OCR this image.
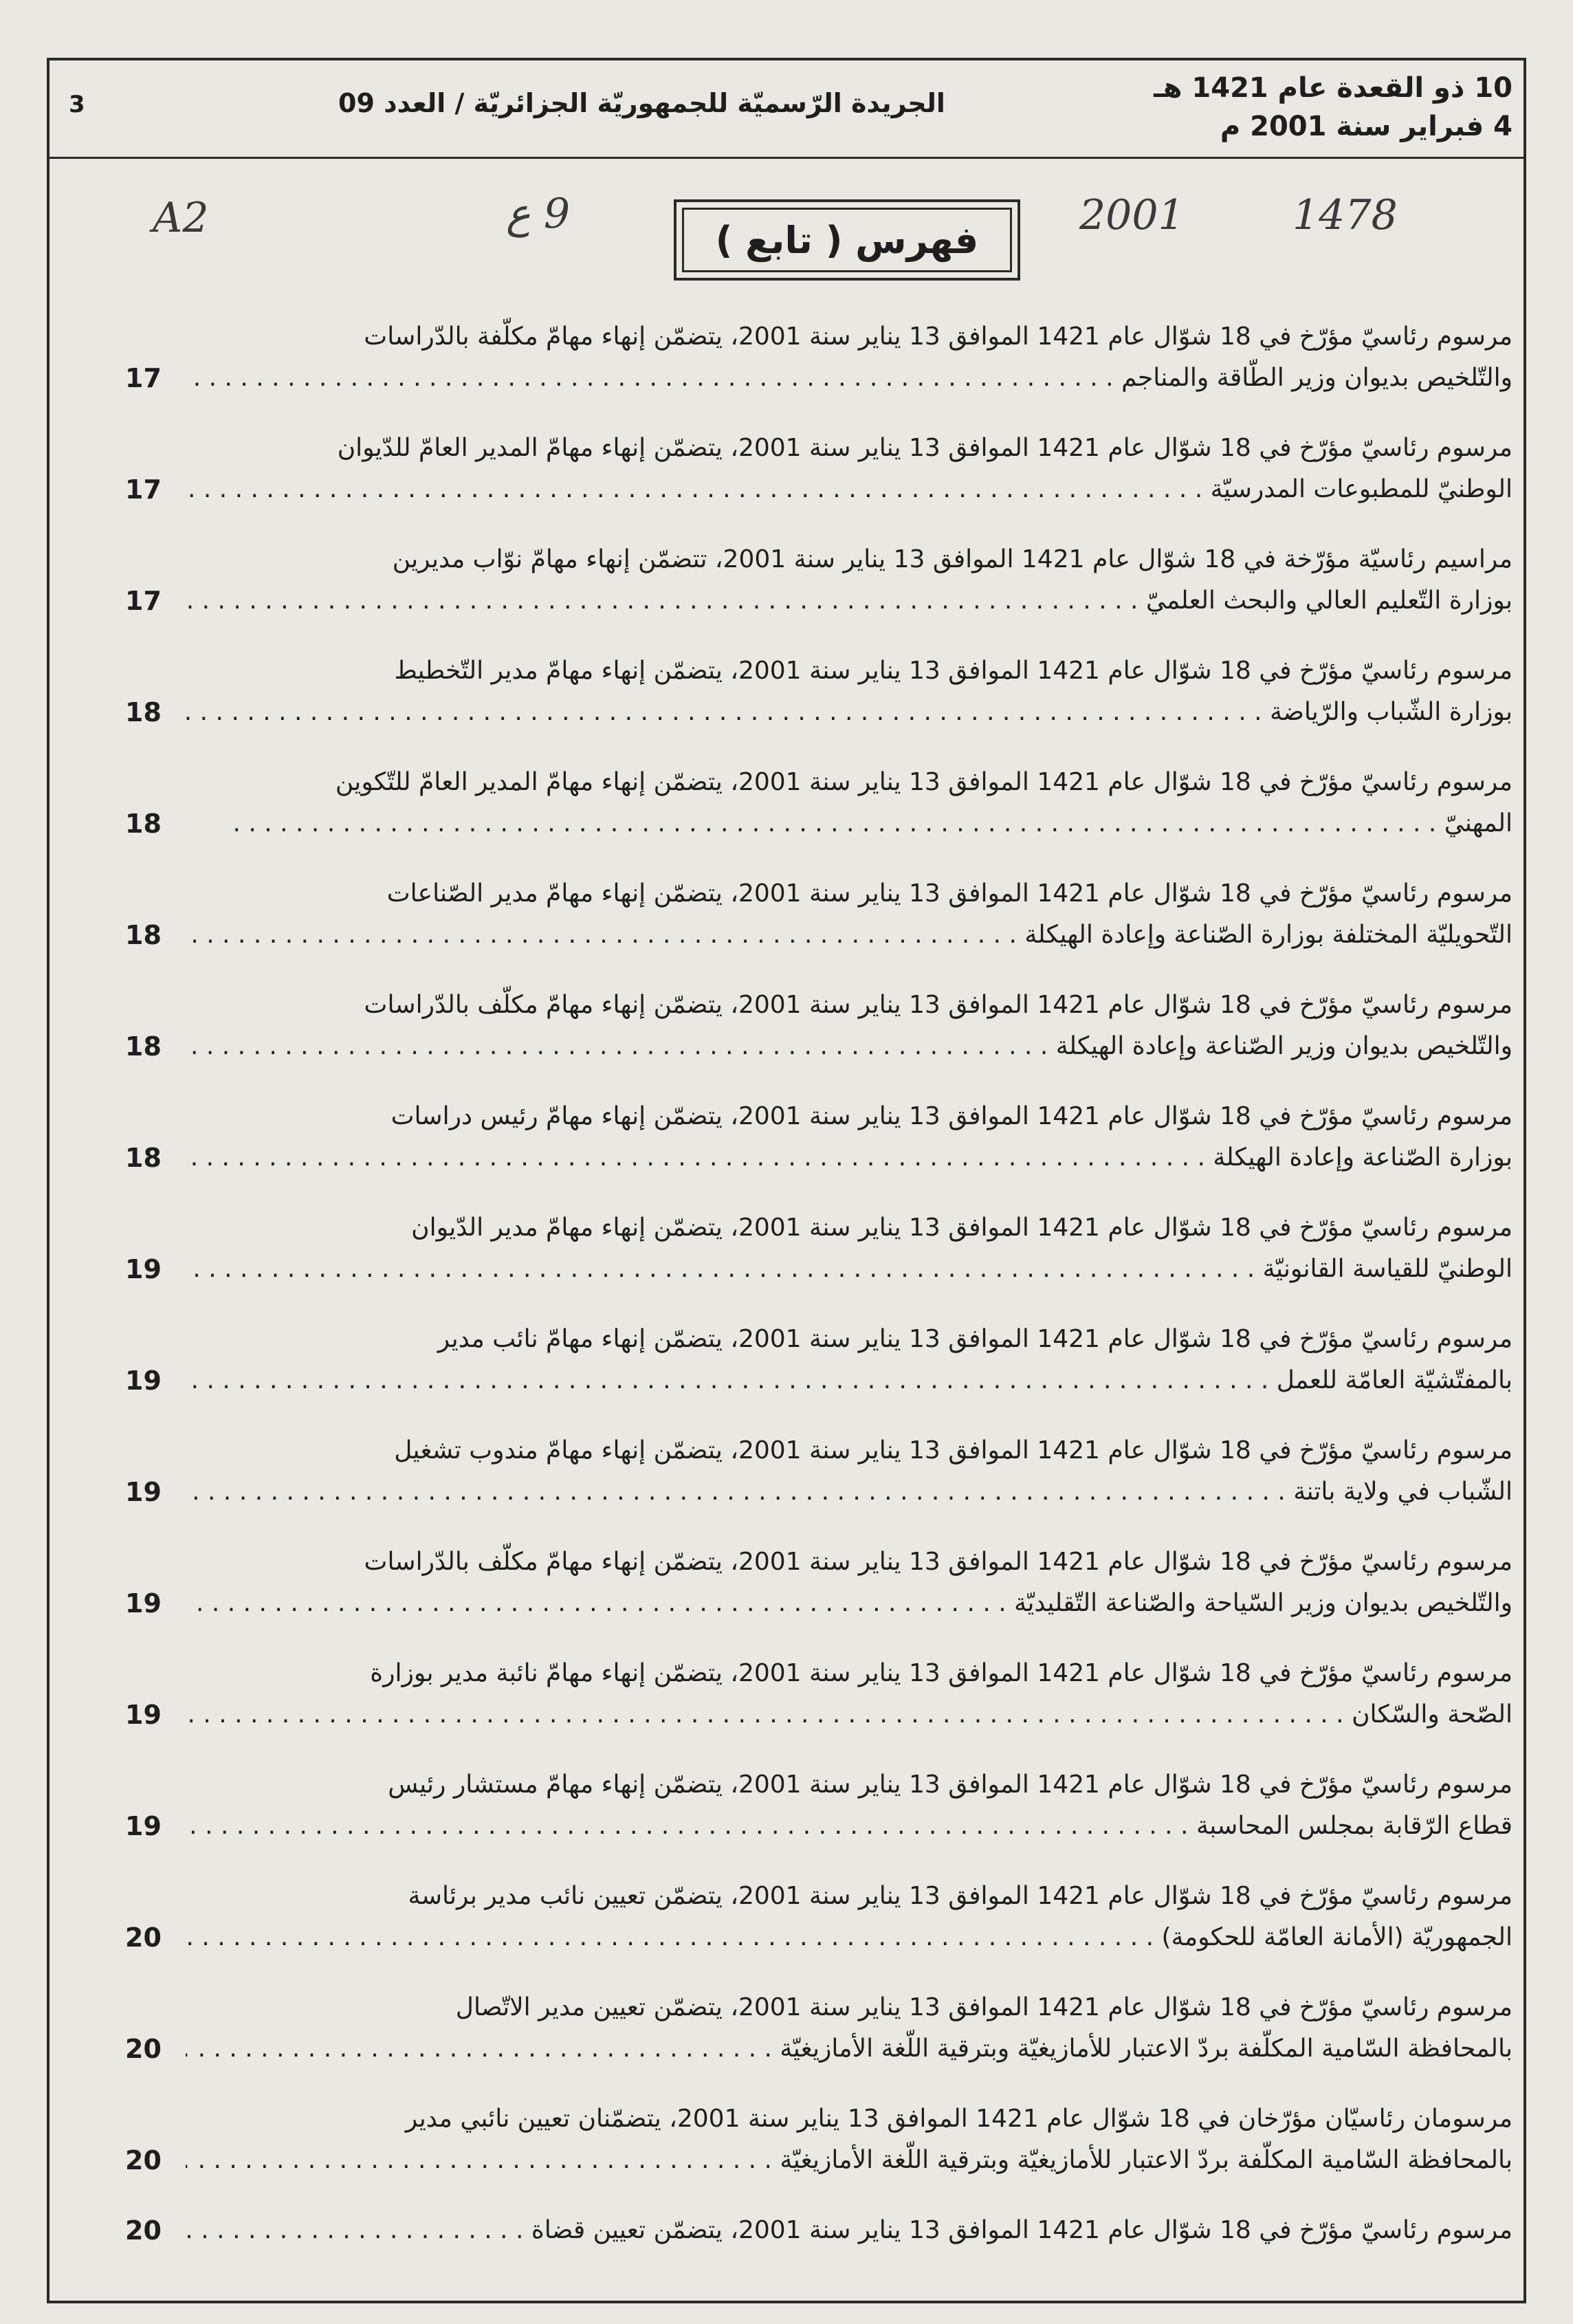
3	الجريدة الرّسميّة للجمهوريّة الجزائريّة / العدد 09	10 ذو القعدة عام 1421 هـ
4 فبراير سنة 2001 م
A2	9 ع	2001	1478
فهرس ( تابع )
مرسوم رئاسيّ مؤرّخ في 18 شوّال عام 1421 الموافق 13 يناير سنة 2001، يتضمّن إنهاء مهامّ مكلّفة بالدّراسات
والتّلخيص بديوان وزير الطّاقة والمناجم . . .
17
مرسوم رئاسيّ مؤرّخ في 18 شوّال عام 1421 الموافق 13 يناير سنة 2001، يتضمّن إنهاء مهامّ المدير العامّ للدّيوان
الوطنيّ للمطبوعات المدرسيّة . . .
17
مراسيم رئاسيّة مؤرّخة في 18 شوّال عام 1421 الموافق 13 يناير سنة 2001، تتضمّن إنهاء مهامّ نوّاب مديرين
بوزارة التّعليم العالي والبحث العلميّ . . .
17
مرسوم رئاسيّ مؤرّخ في 18 شوّال عام 1421 الموافق 13 يناير سنة 2001، يتضمّن إنهاء مهامّ مدير التّخطيط
بوزارة الشّباب والرّياضة . . .
18
مرسوم رئاسيّ مؤرّخ في 18 شوّال عام 1421 الموافق 13 يناير سنة 2001، يتضمّن إنهاء مهامّ المدير العامّ للتّكوين
المهنيّ . . .
18
مرسوم رئاسيّ مؤرّخ في 18 شوّال عام 1421 الموافق 13 يناير سنة 2001، يتضمّن إنهاء مهامّ مدير الصّناعات
التّحويليّة المختلفة بوزارة الصّناعة وإعادة الهيكلة . . .
18
مرسوم رئاسيّ مؤرّخ في 18 شوّال عام 1421 الموافق 13 يناير سنة 2001، يتضمّن إنهاء مهامّ مكلّف بالدّراسات
والتّلخيص بديوان وزير الصّناعة وإعادة الهيكلة . . .
18
مرسوم رئاسيّ مؤرّخ في 18 شوّال عام 1421 الموافق 13 يناير سنة 2001، يتضمّن إنهاء مهامّ رئيس دراسات
بوزارة الصّناعة وإعادة الهيكلة . . .
18
مرسوم رئاسيّ مؤرّخ في 18 شوّال عام 1421 الموافق 13 يناير سنة 2001، يتضمّن إنهاء مهامّ مدير الدّيوان
الوطنيّ للقياسة القانونيّة . . .
19
مرسوم رئاسيّ مؤرّخ في 18 شوّال عام 1421 الموافق 13 يناير سنة 2001، يتضمّن إنهاء مهامّ نائب مدير
بالمفتّشيّة العامّة للعمل . . .
19
مرسوم رئاسيّ مؤرّخ في 18 شوّال عام 1421 الموافق 13 يناير سنة 2001، يتضمّن إنهاء مهامّ مندوب تشغيل
الشّباب في ولاية باتنة . . .
19
مرسوم رئاسيّ مؤرّخ في 18 شوّال عام 1421 الموافق 13 يناير سنة 2001، يتضمّن إنهاء مهامّ مكلّف بالدّراسات
والتّلخيص بديوان وزير السّياحة والصّناعة التّقليديّة . . .
19
مرسوم رئاسيّ مؤرّخ في 18 شوّال عام 1421 الموافق 13 يناير سنة 2001، يتضمّن إنهاء مهامّ نائبة مدير بوزارة
الصّحة والسّكان . . .
19
مرسوم رئاسيّ مؤرّخ في 18 شوّال عام 1421 الموافق 13 يناير سنة 2001، يتضمّن إنهاء مهامّ مستشار رئيس
قطاع الرّقابة بمجلس المحاسبة . . .
19
مرسوم رئاسيّ مؤرّخ في 18 شوّال عام 1421 الموافق 13 يناير سنة 2001، يتضمّن تعيين نائب مدير برئاسة
الجمهوريّة (الأمانة العامّة للحكومة) . . .
20
مرسوم رئاسيّ مؤرّخ في 18 شوّال عام 1421 الموافق 13 يناير سنة 2001، يتضمّن تعيين مدير الاتّصال
بالمحافظة السّامية المكلّفة بردّ الاعتبار للأمازيغيّة وبترقية اللّغة الأمازيغيّة . . .
20
مرسومان رئاسيّان مؤرّخان في 18 شوّال عام 1421 الموافق 13 يناير سنة 2001، يتضمّنان تعيين نائبي مدير
بالمحافظة السّامية المكلّفة بردّ الاعتبار للأمازيغيّة وبترقية اللّغة الأمازيغيّة . . .
20
مرسوم رئاسيّ مؤرّخ في 18 شوّال عام 1421 الموافق 13 يناير سنة 2001، يتضمّن تعيين قضاة . . .
20
